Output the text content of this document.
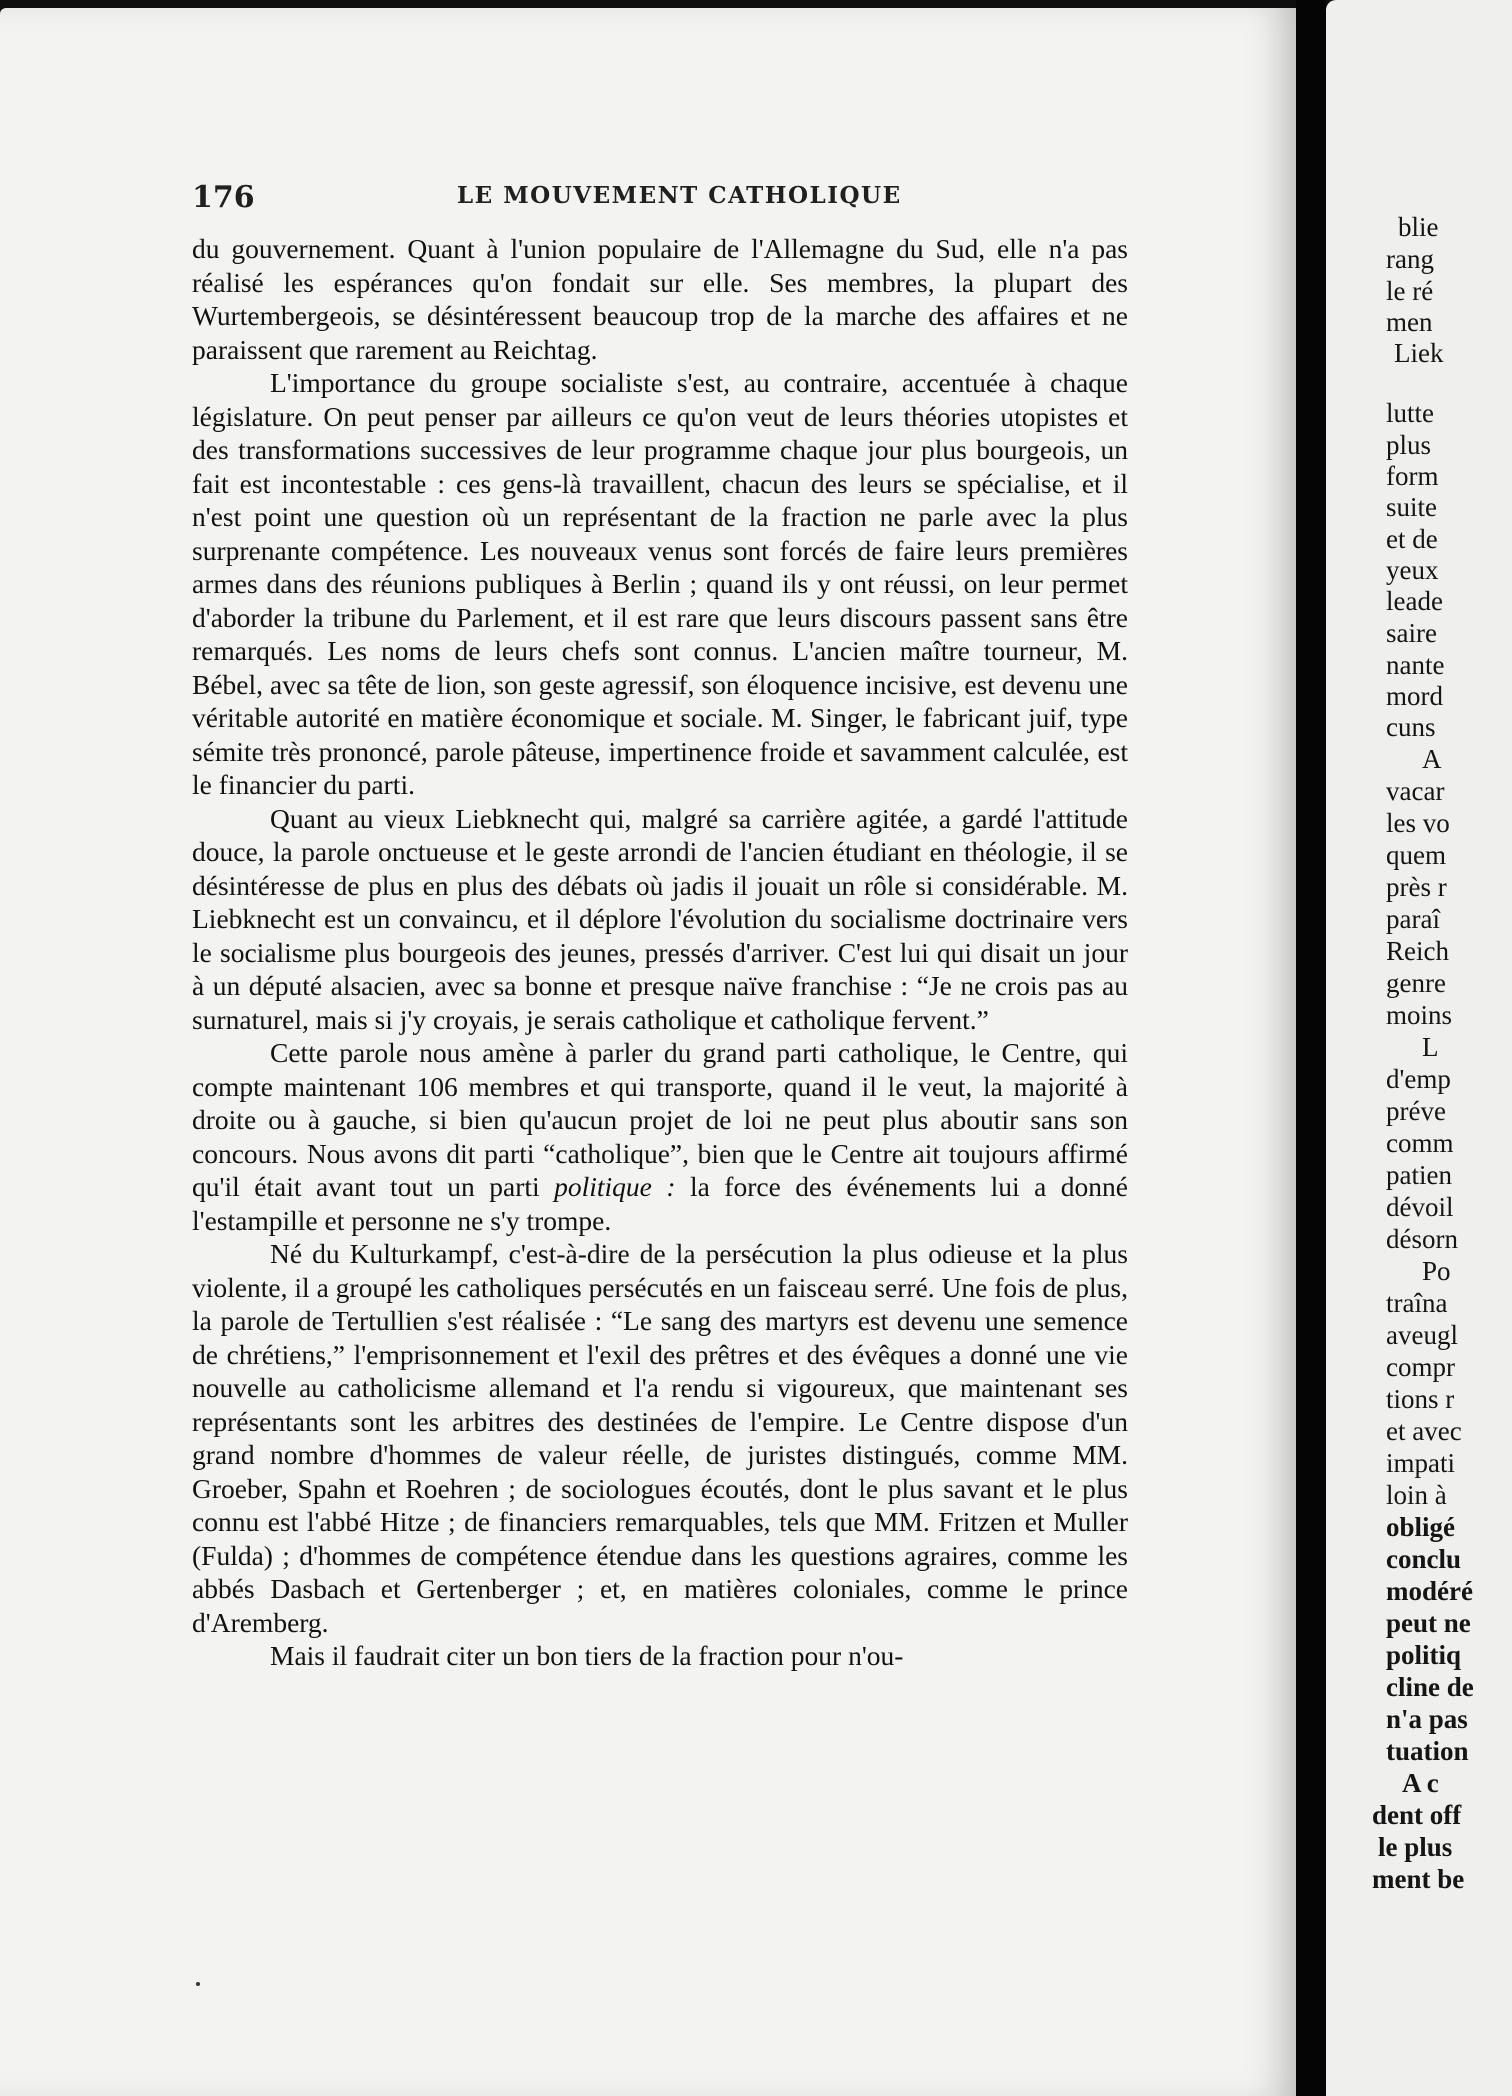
176	LE MOUVEMENT CATHOLIQUE

du gouvernement. Quant à l'union populaire de l'Allemagne du Sud, elle n'a pas réalisé les espérances qu'on fondait sur elle. Ses membres, la plupart des Wurtembergeois, se désintéressent beaucoup trop de la marche des affaires et ne paraissent que rarement au Reichtag.

L'importance du groupe socialiste s'est, au contraire, accentuée à chaque législature. On peut penser par ailleurs ce qu'on veut de leurs théories utopistes et des transformations successives de leur programme chaque jour plus bourgeois, un fait est incontestable : ces gens-là travaillent, chacun des leurs se spécialise, et il n'est point une question où un représentant de la fraction ne parle avec la plus surprenante compétence. Les nouveaux venus sont forcés de faire leurs premières armes dans des réunions publiques à Berlin ; quand ils y ont réussi, on leur permet d'aborder la tribune du Parlement, et il est rare que leurs discours passent sans être remarqués. Les noms de leurs chefs sont connus. L'ancien maître tourneur, M. Bébel, avec sa tête de lion, son geste agressif, son éloquence incisive, est devenu une véritable autorité en matière économique et sociale. M. Singer, le fabricant juif, type sémite très prononcé, parole pâteuse, impertinence froide et savamment calculée, est le financier du parti.

Quant au vieux Liebknecht qui, malgré sa carrière agitée, a gardé l'attitude douce, la parole onctueuse et le geste arrondi de l'ancien étudiant en théologie, il se désintéresse de plus en plus des débats où jadis il jouait un rôle si considérable. M. Liebknecht est un convaincu, et il déplore l'évolution du socialisme doctrinaire vers le socialisme plus bourgeois des jeunes, pressés d'arriver. C'est lui qui disait un jour à un député alsacien, avec sa bonne et presque naïve franchise : “Je ne crois pas au surnaturel, mais si j'y croyais, je serais catholique et catholique fervent.”

Cette parole nous amène à parler du grand parti catholique, le Centre, qui compte maintenant 106 membres et qui transporte, quand il le veut, la majorité à droite ou à gauche, si bien qu'aucun projet de loi ne peut plus aboutir sans son concours. Nous avons dit parti “catholique”, bien que le Centre ait toujours affirmé qu'il était avant tout un parti politique : la force des événements lui a donné l'estampille et personne ne s'y trompe.

Né du Kulturkampf, c'est-à-dire de la persécution la plus odieuse et la plus violente, il a groupé les catholiques persécutés en un faisceau serré. Une fois de plus, la parole de Tertullien s'est réalisée : “Le sang des martyrs est devenu une semence de chrétiens,” l'emprisonnement et l'exil des prêtres et des évêques a donné une vie nouvelle au catholicisme allemand et l'a rendu si vigoureux, que maintenant ses représentants sont les arbitres des destinées de l'empire. Le Centre dispose d'un grand nombre d'hommes de valeur réelle, de juristes distingués, comme MM. Groeber, Spahn et Roehren ; de sociologues écoutés, dont le plus savant et le plus connu est l'abbé Hitze ; de financiers remarquables, tels que MM. Fritzen et Muller (Fulda) ; d'hommes de compétence étendue dans les questions agraires, comme les abbés Dasbach et Gertenberger ; et, en matières coloniales, comme le prince d'Aremberg.

Mais il faudrait citer un bon tiers de la fraction pour n'ou-

blie
rang
le ré
men
Liek
lutte
plus
form
suite
et de
yeux
leade
saire
nante
mord
cuns
A
vacar
les vo
quem
près r
paraî
Reich
genre
moins
L
d'emp
préve
comm
patien
dévoil
désorn
Po
traîna
aveugl
compr
tions r
et avec
impati
loin à
obligé
conclu
modéré
peut ne
politiq
cline de
n'a pas
tuation
A c
dent off
le plus
ment be
